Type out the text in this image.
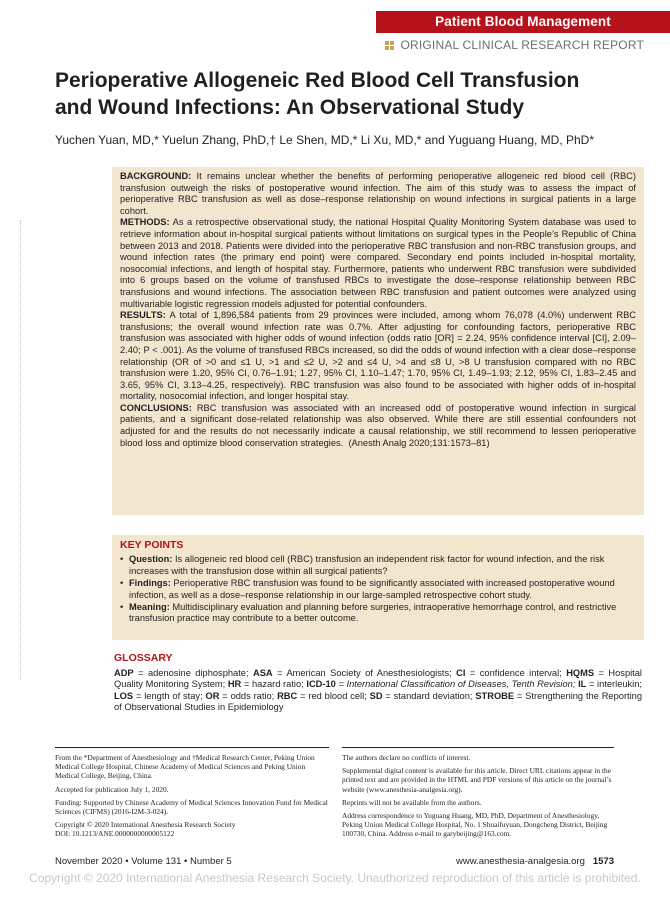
Patient Blood Management
ORIGINAL CLINICAL RESEARCH REPORT
Perioperative Allogeneic Red Blood Cell Transfusion and Wound Infections: An Observational Study
Yuchen Yuan, MD,* Yuelun Zhang, PhD,† Le Shen, MD,* Li Xu, MD,* and Yuguang Huang, MD, PhD*

BACKGROUND: It remains unclear whether the benefits of performing perioperative allogeneic red blood cell (RBC) transfusion outweigh the risks of postoperative wound infection. The aim of this study was to assess the impact of perioperative RBC transfusion as well as dose–response relationship on wound infections in surgical patients in a large cohort.

METHODS: As a retrospective observational study, the national Hospital Quality Monitoring System database was used to retrieve information about in-hospital surgical patients without limitations on surgical types in the People’s Republic of China between 2013 and 2018. Patients were divided into the perioperative RBC transfusion and non-RBC transfusion groups, and wound infection rates (the primary end point) were compared. Secondary end points included in-hospital mortality, nosocomial infections, and length of hospital stay. Furthermore, patients who underwent RBC transfusion were subdivided into 6 groups based on the volume of transfused RBCs to investigate the dose–response relationship between RBC transfusions and wound infections. The association between RBC transfusion and patient outcomes were analyzed using multivariable logistic regression models adjusted for potential confounders.

RESULTS: A total of 1,896,584 patients from 29 provinces were included, among whom 76,078 (4.0%) underwent RBC transfusions; the overall wound infection rate was 0.7%. After adjusting for confounding factors, perioperative RBC transfusion was associated with higher odds of wound infection (odds ratio [OR] = 2.24, 95% confidence interval [CI], 2.09–2.40; P < .001). As the volume of transfused RBCs increased, so did the odds of wound infection with a clear dose–response relationship (OR of >0 and ≤1 U, >1 and ≤2 U, >2 and ≤4 U, >4 and ≤8 U, >8 U transfusion compared with no RBC transfusion were 1.20, 95% CI, 0.76–1.91; 1.27, 95% CI, 1.10–1.47; 1.70, 95% CI, 1.49–1.93; 2.12, 95% CI, 1.83–2.45 and 3.65, 95% CI, 3.13–4.25, respectively). RBC transfusion was also found to be associated with higher odds of in-hospital mortality, nosocomial infection, and longer hospital stay.

CONCLUSIONS: RBC transfusion was associated with an increased odd of postoperative wound infection in surgical patients, and a significant dose-related relationship was also observed. While there are still essential confounders not adjusted for and the results do not necessarily indicate a causal relationship, we still recommend to lessen perioperative blood loss and optimize blood conservation strategies. (Anesth Analg 2020;131:1573–81)

KEY POINTS
• Question: Is allogeneic red blood cell (RBC) transfusion an independent risk factor for wound infection, and the risk increases with the transfusion dose within all surgical patients?
• Findings: Perioperative RBC transfusion was found to be significantly associated with increased postoperative wound infection, as well as a dose–response relationship in our large-sampled retrospective cohort study.
• Meaning: Multidisciplinary evaluation and planning before surgeries, intraoperative hemorrhage control, and restrictive transfusion practice may contribute to a better outcome.
GLOSSARY
ADP = adenosine diphosphate; ASA = American Society of Anesthesiologists; CI = confidence interval; HQMS = Hospital Quality Monitoring System; HR = hazard ratio; ICD-10 = International Classification of Diseases, Tenth Revision; IL = interleukin; LOS = length of stay; OR = odds ratio; RBC = red blood cell; SD = standard deviation; STROBE = Strengthening the Reporting of Observational Studies in Epidemiology

From the *Department of Anesthesiology and †Medical Research Center, Peking Union Medical College Hospital, Chinese Academy of Medical Sciences and Peking Union Medical College, Beijing, China.

Accepted for publication July 1, 2020.

Funding: Supported by Chinese Academy of Medical Sciences Innovation Fund for Medical Sciences (CIFMS) (2016-I2M-3-024).

Copyright © 2020 International Anesthesia Research Society

DOI: 10.1213/ANE.0000000000005122

The authors declare no conflicts of interest.

Supplemental digital content is available for this article. Direct URL citations appear in the printed text and are provided in the HTML and PDF versions of this article on the journal’s website (www.anesthesia-analgesia.org).

Reprints will not be available from the authors.

Address correspondence to Yuguang Huang, MD, PhD, Department of Anesthesiology, Peking Union Medical College Hospital, No. 1 Shuaifuyuan, Dongcheng District, Beijing 100730, China. Address e-mail to garybeijing@163.com.

November 2020 • Volume 131 • Number 5	www.anesthesia-analgesia.org 1573
Copyright © 2020 International Anesthesia Research Society. Unauthorized reproduction of this article is prohibited.
